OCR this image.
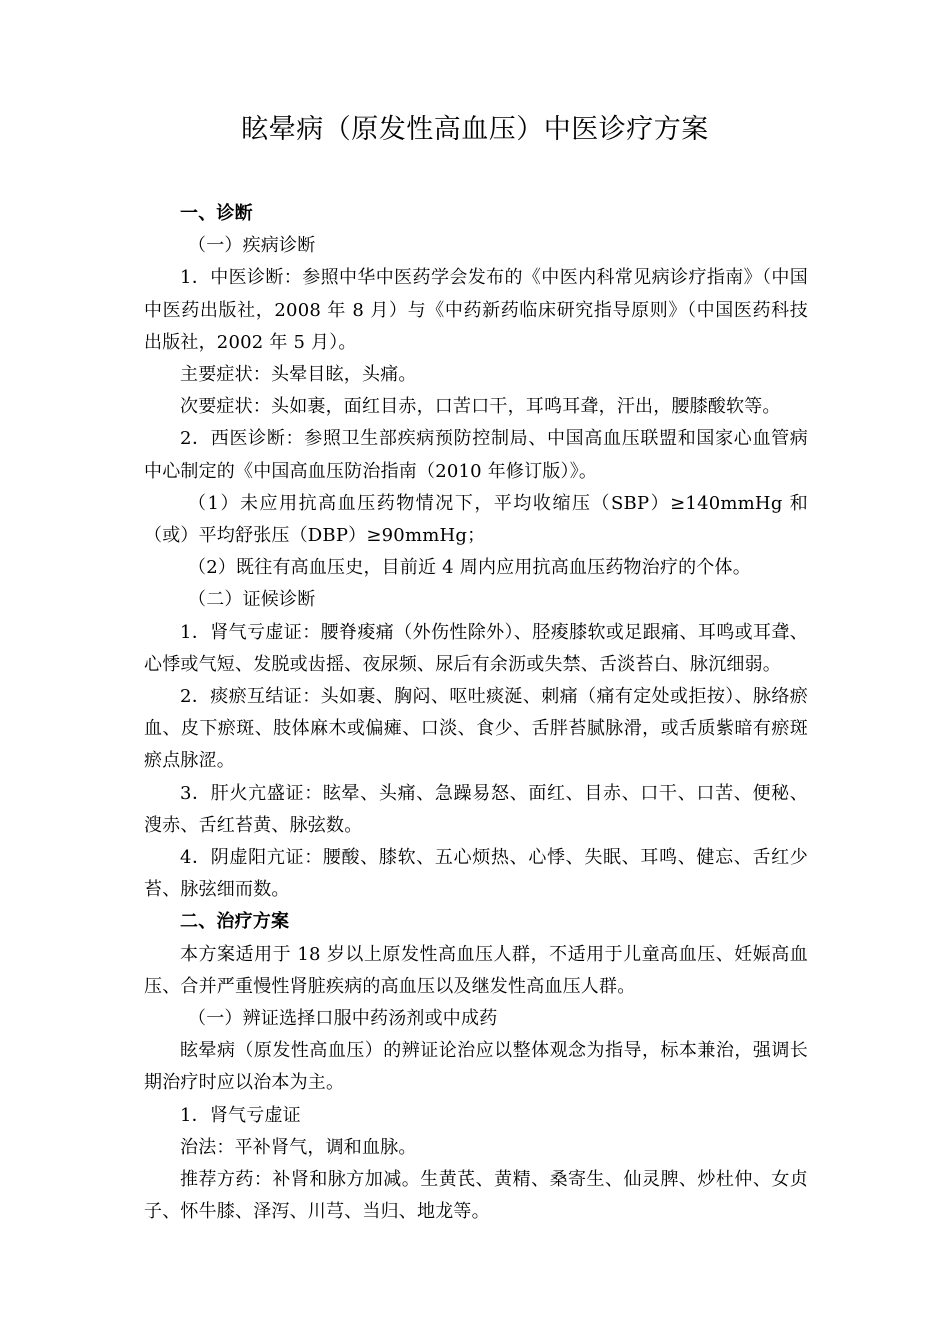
眩晕病（原发性高血压）中医诊疗方案

一、诊断

（一）疾病诊断

1．中医诊断：参照中华中医药学会发布的《中医内科常见病诊疗指南》（中国中医药出版社，2008 年 8 月）与《中药新药临床研究指导原则》（中国医药科技出版社，2002 年 5 月）。

主要症状：头晕目眩，头痛。

次要症状：头如裹，面红目赤，口苦口干，耳鸣耳聋，汗出，腰膝酸软等。

2．西医诊断：参照卫生部疾病预防控制局、中国高血压联盟和国家心血管病中心制定的《中国高血压防治指南（2010 年修订版）》。

（1）未应用抗高血压药物情况下，平均收缩压（SBP）≥140mmHg 和（或）平均舒张压（DBP）≥90mmHg；

（2）既往有高血压史，目前近 4 周内应用抗高血压药物治疗的个体。

（二）证候诊断

1．肾气亏虚证：腰脊痠痛（外伤性除外）、胫痠膝软或足跟痛、耳鸣或耳聋、心悸或气短、发脱或齿摇、夜尿频、尿后有余沥或失禁、舌淡苔白、脉沉细弱。

2．痰瘀互结证：头如裹、胸闷、呕吐痰涎、刺痛（痛有定处或拒按）、脉络瘀血、皮下瘀斑、肢体麻木或偏瘫、口淡、食少、舌胖苔腻脉滑，或舌质紫暗有瘀斑瘀点脉涩。

3．肝火亢盛证：眩晕、头痛、急躁易怒、面红、目赤、口干、口苦、便秘、溲赤、舌红苔黄、脉弦数。

4．阴虚阳亢证：腰酸、膝软、五心烦热、心悸、失眠、耳鸣、健忘、舌红少苔、脉弦细而数。

二、治疗方案

本方案适用于 18 岁以上原发性高血压人群，不适用于儿童高血压、妊娠高血压、合并严重慢性肾脏疾病的高血压以及继发性高血压人群。

（一）辨证选择口服中药汤剂或中成药

眩晕病（原发性高血压）的辨证论治应以整体观念为指导，标本兼治，强调长期治疗时应以治本为主。

1．肾气亏虚证

治法：平补肾气，调和血脉。

推荐方药：补肾和脉方加减。生黄芪、黄精、桑寄生、仙灵脾、炒杜仲、女贞子、怀牛膝、泽泻、川芎、当归、地龙等。
